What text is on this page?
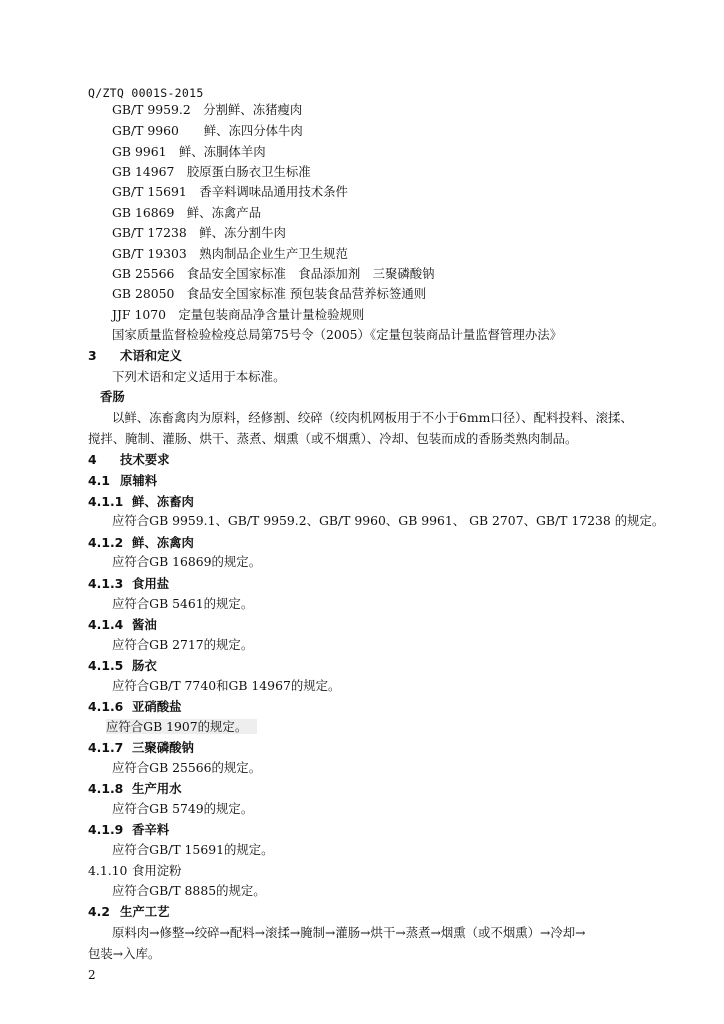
Q/ZTQ 0001S-2015
GB/T 9959.2　分割鲜、冻猪瘦肉
GB/T 9960　　鲜、冻四分体牛肉
GB 9961　鲜、冻胴体羊肉
GB 14967　胶原蛋白肠衣卫生标准
GB/T 15691　香辛料调味品通用技术条件
GB 16869　鲜、冻禽产品
GB/T 17238　鲜、冻分割牛肉
GB/T 19303　熟肉制品企业生产卫生规范
GB 25566　食品安全国家标准　食品添加剂　三聚磷酸钠
GB 28050　食品安全国家标准 预包装食品营养标签通则
JJF 1070　定量包装商品净含量计量检验规则
国家质量监督检验检疫总局第75号令（2005）《定量包装商品计量监督管理办法》
3 术语和定义
下列术语和定义适用于本标准。
香肠
以鲜、冻畜禽肉为原料，经修割、绞碎（绞肉机网板用于不小于6mm口径）、配料投料、滚揉、
搅拌、腌制、灌肠、烘干、蒸煮、烟熏（或不烟熏）、冷却、包装而成的香肠类熟肉制品。
4 技术要求
4.1 原辅料
4.1.1 鲜、冻畜肉
应符合GB 9959.1、GB/T 9959.2、GB/T 9960、GB 9961、 GB 2707、GB/T 17238 的规定。
4.1.2 鲜、冻禽肉
应符合GB 16869的规定。
4.1.3 食用盐
应符合GB 5461的规定。
4.1.4 酱油
应符合GB 2717的规定。
4.1.5 肠衣
应符合GB/T 7740和GB 14967的规定。
4.1.6 亚硝酸盐
应符合GB 1907的规定。
4.1.7 三聚磷酸钠
应符合GB 25566的规定。
4.1.8 生产用水
应符合GB 5749的规定。
4.1.9 香辛料
应符合GB/T 15691的规定。
4.1.10 食用淀粉
应符合GB/T 8885的规定。
4.2 生产工艺
原料肉→修整→绞碎→配料→滚揉→腌制→灌肠→烘干→蒸煮→烟熏（或不烟熏）→冷却→
包装→入库。
2
